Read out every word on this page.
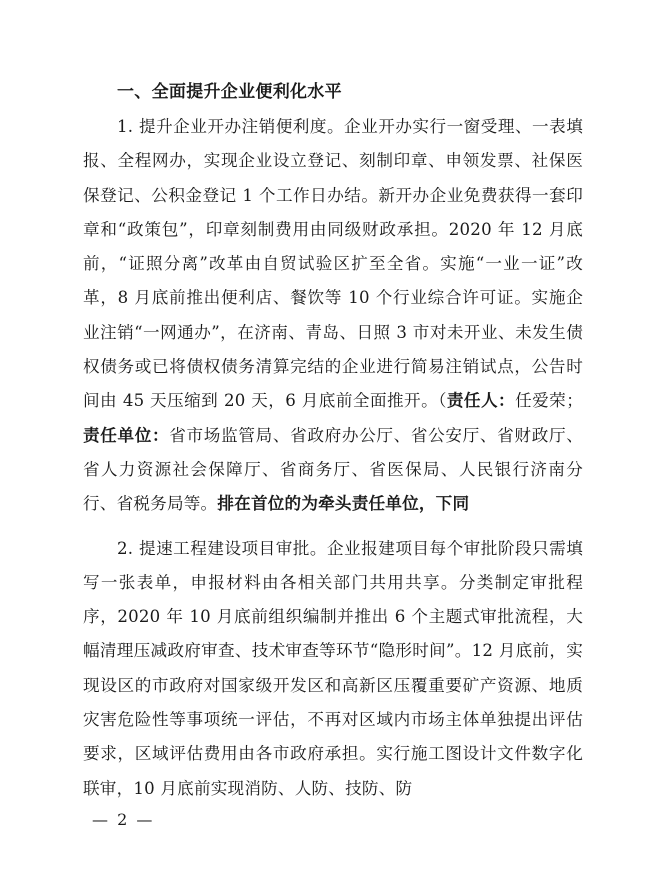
一、全面提升企业便利化水平

1. 提升企业开办注销便利度。企业开办实行一窗受理、一表填报、全程网办，实现企业设立登记、刻制印章、申领发票、社保医保登记、公积金登记 1 个工作日办结。新开办企业免费获得一套印章和“政策包”，印章刻制费用由同级财政承担。2020 年 12 月底前，“证照分离”改革由自贸试验区扩至全省。实施“一业一证”改革，8 月底前推出便利店、餐饮等 10 个行业综合许可证。实施企业注销“一网通办”，在济南、青岛、日照 3 市对未开业、未发生债权债务或已将债权债务清算完结的企业进行简易注销试点，公告时间由 45 天压缩到 20 天，6 月底前全面推开。（责任人：任爱荣；责任单位：省市场监管局、省政府办公厅、省公安厅、省财政厅、省人力资源社会保障厅、省商务厅、省医保局、人民银行济南分行、省税务局等。排在首位的为牵头责任单位，下同

2. 提速工程建设项目审批。企业报建项目每个审批阶段只需填写一张表单，申报材料由各相关部门共用共享。分类制定审批程序，2020 年 10 月底前组织编制并推出 6 个主题式审批流程，大幅清理压减政府审查、技术审查等环节“隐形时间”。12 月底前，实现设区的市政府对国家级开发区和高新区压覆重要矿产资源、地质灾害危险性等事项统一评估，不再对区域内市场主体单独提出评估要求，区域评估费用由各市政府承担。实行施工图设计文件数字化联审，10 月底前实现消防、人防、技防、防

— 2 —
